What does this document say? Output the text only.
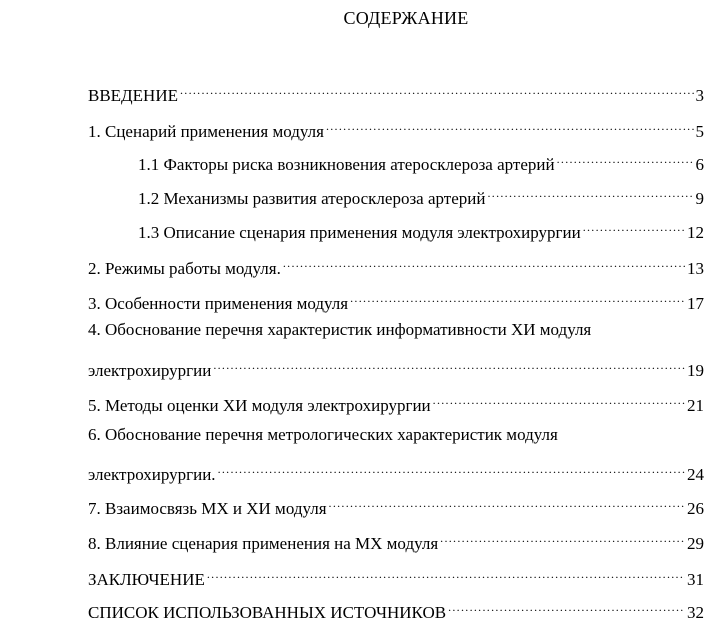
СОДЕРЖАНИЕ
ВВЕДЕНИЕ .....	3
1. Сценарий применения модуля .....	5
1.1 Факторы риска возникновения атеросклероза артерий .....	6
1.2 Механизмы развития атеросклероза артерий .....	9
1.3 Описание сценария применения модуля электрохирургии .....	12
2. Режимы работы модуля. .....	13
3. Особенности применения модуля .....	17
4. Обоснование перечня характеристик информативности ХИ модуля
электрохирургии .....	19
5. Методы оценки ХИ модуля электрохирургии .....	21
6. Обоснование перечня метрологических характеристик модуля
электрохирургии. .....	24
7. Взаимосвязь МХ и ХИ модуля .....	26
8. Влияние сценария применения на МХ модуля .....	29
ЗАКЛЮЧЕНИЕ .....	31
СПИСОК ИСПОЛЬЗОВАННЫХ ИСТОЧНИКОВ .....	32
